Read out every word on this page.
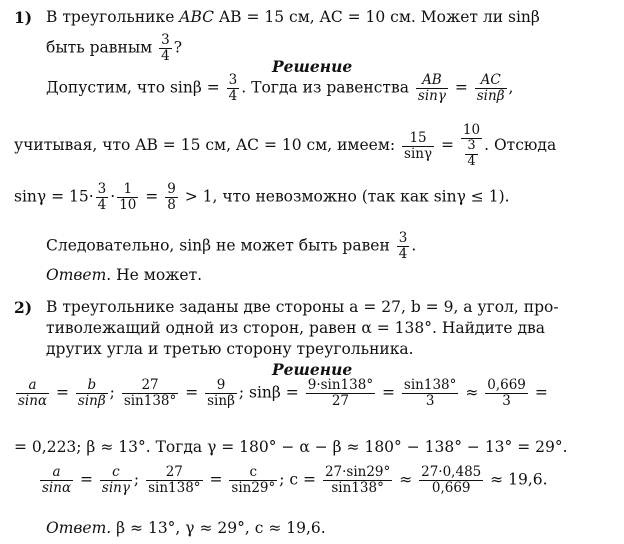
1) В треугольнике ABC AB = 15 см, AC = 10 см. Может ли sinβ
быть равным $\frac{3}{4}$ ?
Решение
Допустим, что $\sin\beta = \frac{3}{4}$ . Тогда из равенства $\frac{AB}{\sin\gamma} = \frac{AC}{\sin\beta}$ ,
учитывая, что AB = 15 см, AC = 10 см, имеем: $\frac{15}{\sin\gamma} = \frac{10}{\frac{3}{4}}$ . Отсюда
$\sin\gamma = 15\cdot \frac{3}{4} \cdot \frac{1}{10} = \frac{9}{8} > 1$, что невозможно (так как sinγ ≤ 1).
Следовательно, sinβ не может быть равен $\frac{3}{4}$ .
Ответ. Не может.
2) В треугольнике заданы две стороны a = 27, b = 9, а угол, про-
тиволежащий одной из сторон, равен α = 138°. Найдите два
других угла и третью сторону треугольника.
Решение
$\frac{a}{\sin\alpha} = \frac{b}{\sin\beta}$ ; $\frac{27}{\sin 138^\circ} = \frac{9}{\sin\beta}$ ; $\sin\beta = \frac{9\cdot\sin 138^\circ}{27} = \frac{\sin 138^\circ}{3} \approx \frac{0,669}{3}$ =
= 0,223; β ≈ 13°. Тогда γ = 180° − α − β ≈ 180° − 138° − 13° = 29°.
$\frac{a}{\sin\alpha} = \frac{c}{\sin\gamma}$ ; $\frac{27}{\sin 138^\circ} = \frac{c}{\sin 29^\circ}$ ; $c = \frac{27\cdot\sin 29^\circ}{\sin 138^\circ} \approx \frac{27\cdot 0,485}{0,669} \approx 19,6$.
Ответ. β ≈ 13°, γ ≈ 29°, c ≈ 19,6.
